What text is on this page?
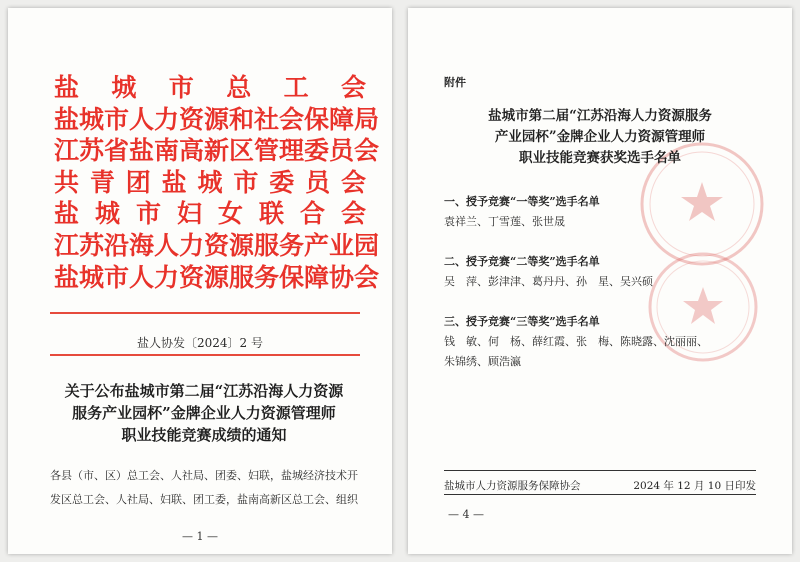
盐城市总工会
盐城市人力资源和社会保障局
江苏省盐南高新区管理委员会
共青团盐城市委员会
盐城市妇女联合会
江苏沿海人力资源服务产业园
盐城市人力资源服务保障协会
盐人协发〔2024〕2 号
关于公布盐城市第二届“江苏沿海人力资源
服务产业园杯”金牌企业人力资源管理师
职业技能竞赛成绩的通知
各县（市、区）总工会、人社局、团委、妇联，盐城经济技术开
发区总工会、人社局、妇联、团工委，盐南高新区总工会、组织
— 1 —
附件
盐城市第二届“江苏沿海人力资源服务
产业园杯”金牌企业人力资源管理师
职业技能竞赛获奖选手名单
一、授予竞赛“一等奖”选手名单
袁祥兰、丁雪莲、张世晟
二、授予竞赛“二等奖”选手名单
吴　萍、彭津津、葛丹丹、孙　星、吴兴硕
三、授予竞赛“三等奖”选手名单
钱　敏、何　杨、薛红霞、张　梅、陈晓露、沈丽丽、
朱锦绣、顾浩瀛
盐城市人力资源服务保障协会	2024 年 12 月 10 日印发
— 4 —
